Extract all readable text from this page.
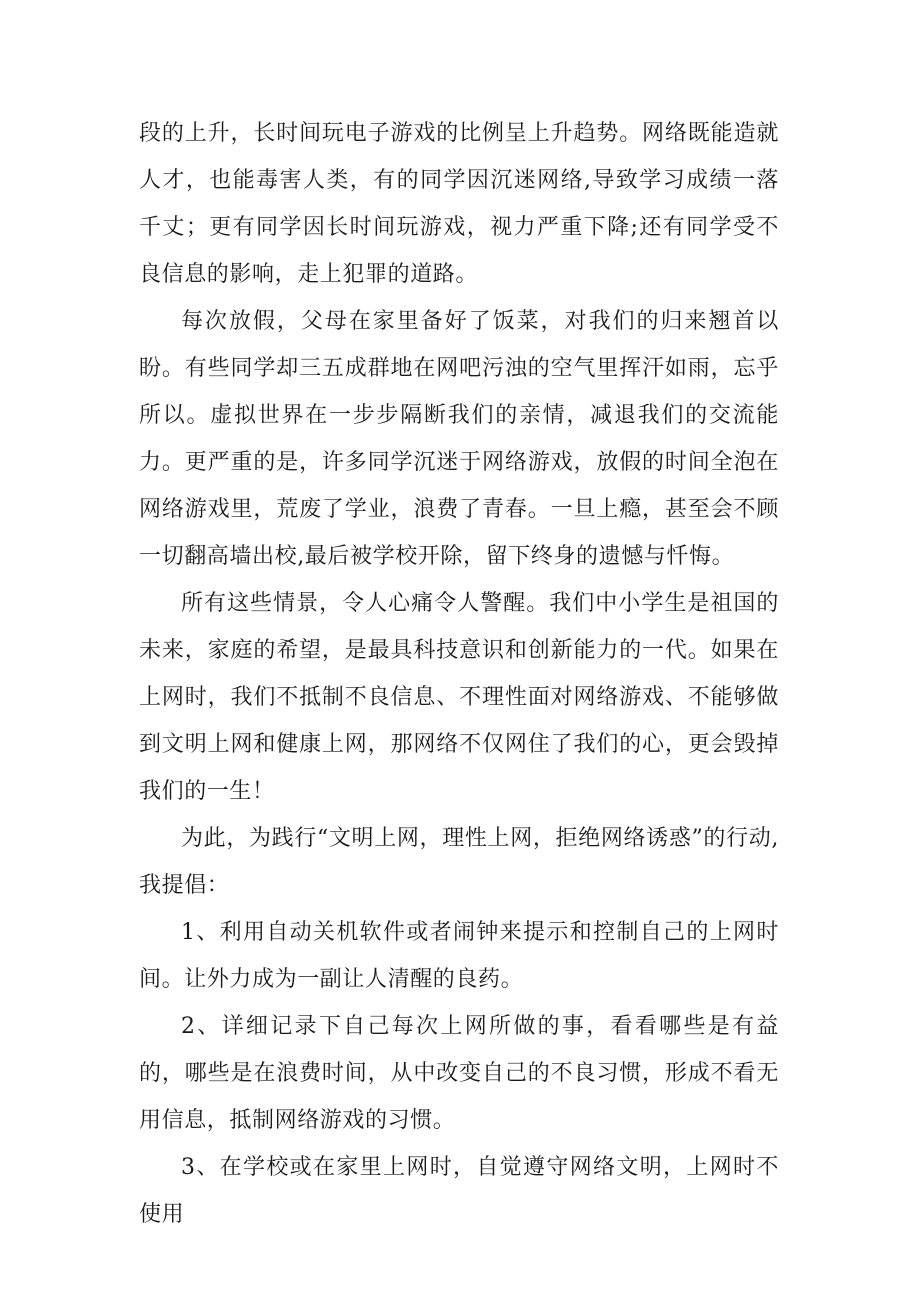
段的上升，长时间玩电子游戏的比例呈上升趋势。网络既能造就人才，也能毒害人类，有的同学因沉迷网络,导致学习成绩一落千丈；更有同学因长时间玩游戏，视力严重下降;还有同学受不良信息的影响，走上犯罪的道路。

每次放假，父母在家里备好了饭菜，对我们的归来翘首以盼。有些同学却三五成群地在网吧污浊的空气里挥汗如雨，忘乎所以。虚拟世界在一步步隔断我们的亲情，减退我们的交流能力。更严重的是，许多同学沉迷于网络游戏，放假的时间全泡在网络游戏里，荒废了学业，浪费了青春。一旦上瘾，甚至会不顾一切翻高墙出校,最后被学校开除，留下终身的遗憾与忏悔。

所有这些情景，令人心痛令人警醒。我们中小学生是祖国的未来，家庭的希望，是最具科技意识和创新能力的一代。如果在上网时，我们不抵制不良信息、不理性面对网络游戏、不能够做到文明上网和健康上网，那网络不仅网住了我们的心，更会毁掉我们的一生！

为此，为践行“文明上网，理性上网，拒绝网络诱惑”的行动,我提倡：

1、利用自动关机软件或者闹钟来提示和控制自己的上网时间。让外力成为一副让人清醒的良药。

2、详细记录下自己每次上网所做的事，看看哪些是有益的，哪些是在浪费时间，从中改变自己的不良习惯，形成不看无用信息，抵制网络游戏的习惯。

3、在学校或在家里上网时，自觉遵守网络文明，上网时不使用
